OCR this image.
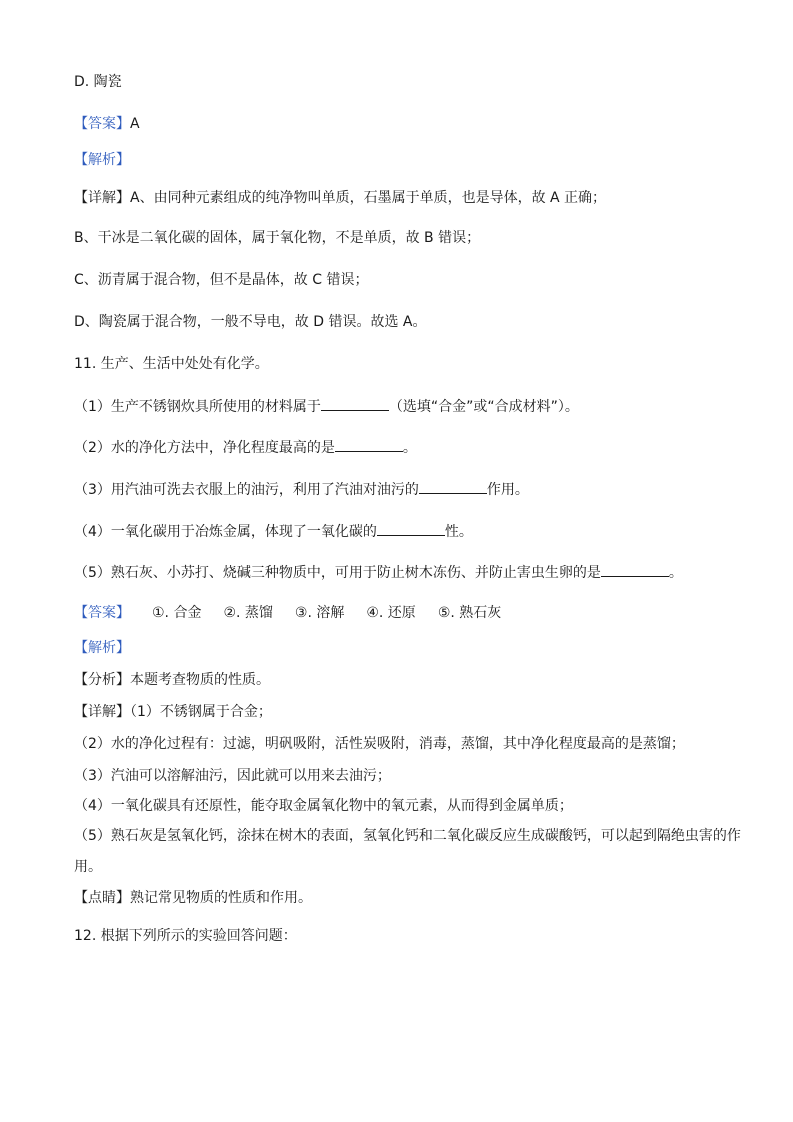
D. 陶瓷
【答案】A
【解析】
【详解】A、由同种元素组成的纯净物叫单质，石墨属于单质，也是导体，故 A 正确；
B、干冰是二氧化碳的固体，属于氧化物，不是单质，故 B 错误；
C、沥青属于混合物，但不是晶体，故 C 错误；
D、陶瓷属于混合物，一般不导电，故 D 错误。故选 A。
11. 生产、生活中处处有化学。
（1）生产不锈钢炊具所使用的材料属于	（选填“合金”或“合成材料”）。
（2）水的净化方法中，净化程度最高的是	。
（3）用汽油可洗去衣服上的油污，利用了汽油对油污的	作用。
（4）一氧化碳用于冶炼金属，体现了一氧化碳的	性。
（5）熟石灰、小苏打、烧碱三种物质中，可用于防止树木冻伤、并防止害虫生卵的是	。
【答案】 ①. 合金 ②. 蒸馏 ③. 溶解 ④. 还原 ⑤. 熟石灰
【解析】
【分析】本题考查物质的性质。
【详解】（1）不锈钢属于合金；
（2）水的净化过程有：过滤，明矾吸附，活性炭吸附，消毒，蒸馏，其中净化程度最高的是蒸馏；
（3）汽油可以溶解油污，因此就可以用来去油污；
（4）一氧化碳具有还原性，能夺取金属氧化物中的氧元素，从而得到金属单质；
（5）熟石灰是氢氧化钙，涂抹在树木的表面，氢氧化钙和二氧化碳反应生成碳酸钙，可以起到隔绝虫害的作用。
【点睛】熟记常见物质的性质和作用。
12. 根据下列所示的实验回答问题：
